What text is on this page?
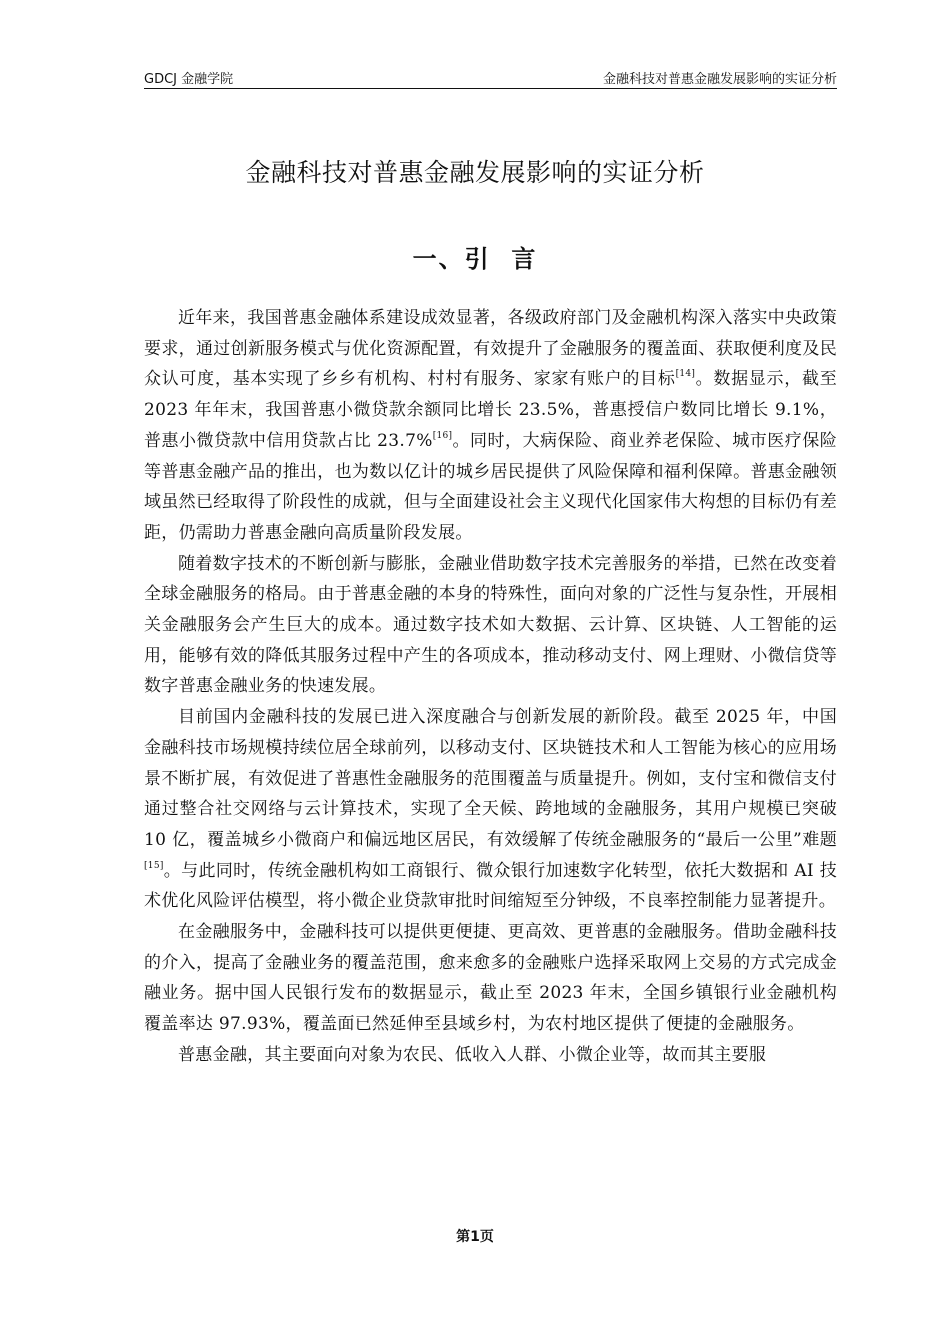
GDCJ 金融学院	金融科技对普惠金融发展影响的实证分析
金融科技对普惠金融发展影响的实证分析
一、引  言

近年来，我国普惠金融体系建设成效显著，各级政府部门及金融机构深入落实中央政策要求，通过创新服务模式与优化资源配置，有效提升了金融服务的覆盖面、获取便利度及民众认可度，基本实现了乡乡有机构、村村有服务、家家有账户的目标[14]。数据显示，截至 2023 年年末，我国普惠小微贷款余额同比增长 23.5%，普惠授信户数同比增长 9.1%，普惠小微贷款中信用贷款占比 23.7%[16]。同时，大病保险、商业养老保险、城市医疗保险等普惠金融产品的推出，也为数以亿计的城乡居民提供了风险保障和福利保障。普惠金融领域虽然已经取得了阶段性的成就，但与全面建设社会主义现代化国家伟大构想的目标仍有差距，仍需助力普惠金融向高质量阶段发展。

随着数字技术的不断创新与膨胀，金融业借助数字技术完善服务的举措，已然在改变着全球金融服务的格局。由于普惠金融的本身的特殊性，面向对象的广泛性与复杂性，开展相关金融服务会产生巨大的成本。通过数字技术如大数据、云计算、区块链、人工智能的运用，能够有效的降低其服务过程中产生的各项成本，推动移动支付、网上理财、小微信贷等数字普惠金融业务的快速发展。

目前国内金融科技的发展已进入深度融合与创新发展的新阶段。截至 2025 年，中国金融科技市场规模持续位居全球前列，以移动支付、区块链技术和人工智能为核心的应用场景不断扩展，有效促进了普惠性金融服务的范围覆盖与质量提升。例如，支付宝和微信支付通过整合社交网络与云计算技术，实现了全天候、跨地域的金融服务，其用户规模已突破 10 亿，覆盖城乡小微商户和偏远地区居民，有效缓解了传统金融服务的“最后一公里”难题[15]。与此同时，传统金融机构如工商银行、微众银行加速数字化转型，依托大数据和 AI 技术优化风险评估模型，将小微企业贷款审批时间缩短至分钟级，不良率控制能力显著提升。

在金融服务中，金融科技可以提供更便捷、更高效、更普惠的金融服务。借助金融科技的介入，提高了金融业务的覆盖范围，愈来愈多的金融账户选择采取网上交易的方式完成金融业务。据中国人民银行发布的数据显示，截止至 2023 年末，全国乡镇银行业金融机构覆盖率达 97.93%，覆盖面已然延伸至县域乡村，为农村地区提供了便捷的金融服务。

普惠金融，其主要面向对象为农民、低收入人群、小微企业等，故而其主要服

第1页
